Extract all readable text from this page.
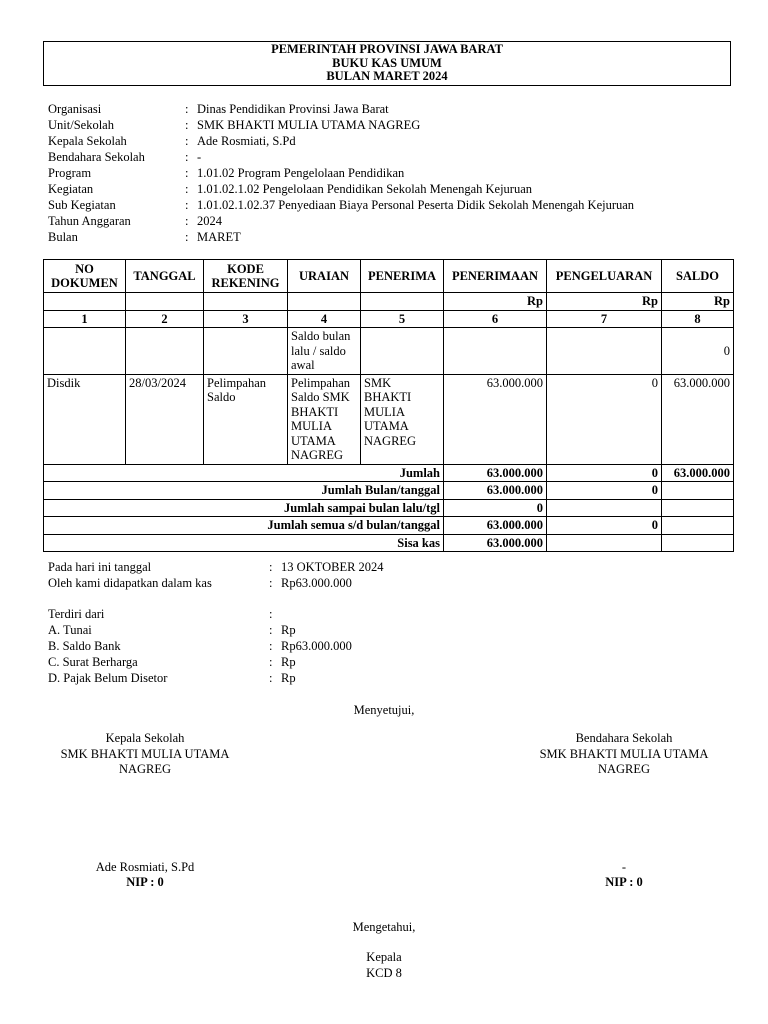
PEMERINTAH PROVINSI JAWA BARAT
BUKU KAS UMUM
BULAN MARET 2024
Organisasi	:	Dinas Pendidikan Provinsi Jawa Barat
Unit/Sekolah	:	SMK BHAKTI MULIA UTAMA NAGREG
Kepala Sekolah	:	Ade Rosmiati, S.Pd
Bendahara Sekolah	:	-
Program	:	1.01.02 Program Pengelolaan Pendidikan
Kegiatan	:	1.01.02.1.02 Pengelolaan Pendidikan Sekolah Menengah Kejuruan
Sub Kegiatan	:	1.01.02.1.02.37 Penyediaan Biaya Personal Peserta Didik Sekolah Menengah Kejuruan
Tahun Anggaran	:	2024
Bulan	:	MARET
NO DOKUMEN	TANGGAL	KODE REKENING	URAIAN	PENERIMA	PENERIMAAN	PENGELUARAN	SALDO
					Rp	Rp	Rp
1	2	3	4	5	6	7	8
			Saldo bulan lalu / saldo awal				0
Disdik	28/03/2024	Pelimpahan Saldo	Pelimpahan Saldo SMK BHAKTI MULIA UTAMA NAGREG	SMK BHAKTI MULIA UTAMA NAGREG	63.000.000	0	63.000.000
Jumlah					63.000.000	0	63.000.000
Jumlah Bulan/tanggal					63.000.000	0	
Jumlah sampai bulan lalu/tgl					0		
Jumlah semua s/d bulan/tanggal					63.000.000	0	
Sisa kas					63.000.000		
Pada hari ini tanggal	:	13 OKTOBER 2024
Oleh kami didapatkan dalam kas	:	Rp63.000.000

Terdiri dari	:	
A. Tunai	:	Rp
B. Saldo Bank	:	Rp63.000.000
C. Surat Berharga	:	Rp
D. Pajak Belum Disetor	:	Rp
Menyetujui,
Kepala Sekolah
SMK BHAKTI MULIA UTAMA
NAGREG
Bendahara Sekolah
SMK BHAKTI MULIA UTAMA
NAGREG
Ade Rosmiati, S.Pd
NIP : 0
-
NIP : 0
Mengetahui,
Kepala
KCD 8
